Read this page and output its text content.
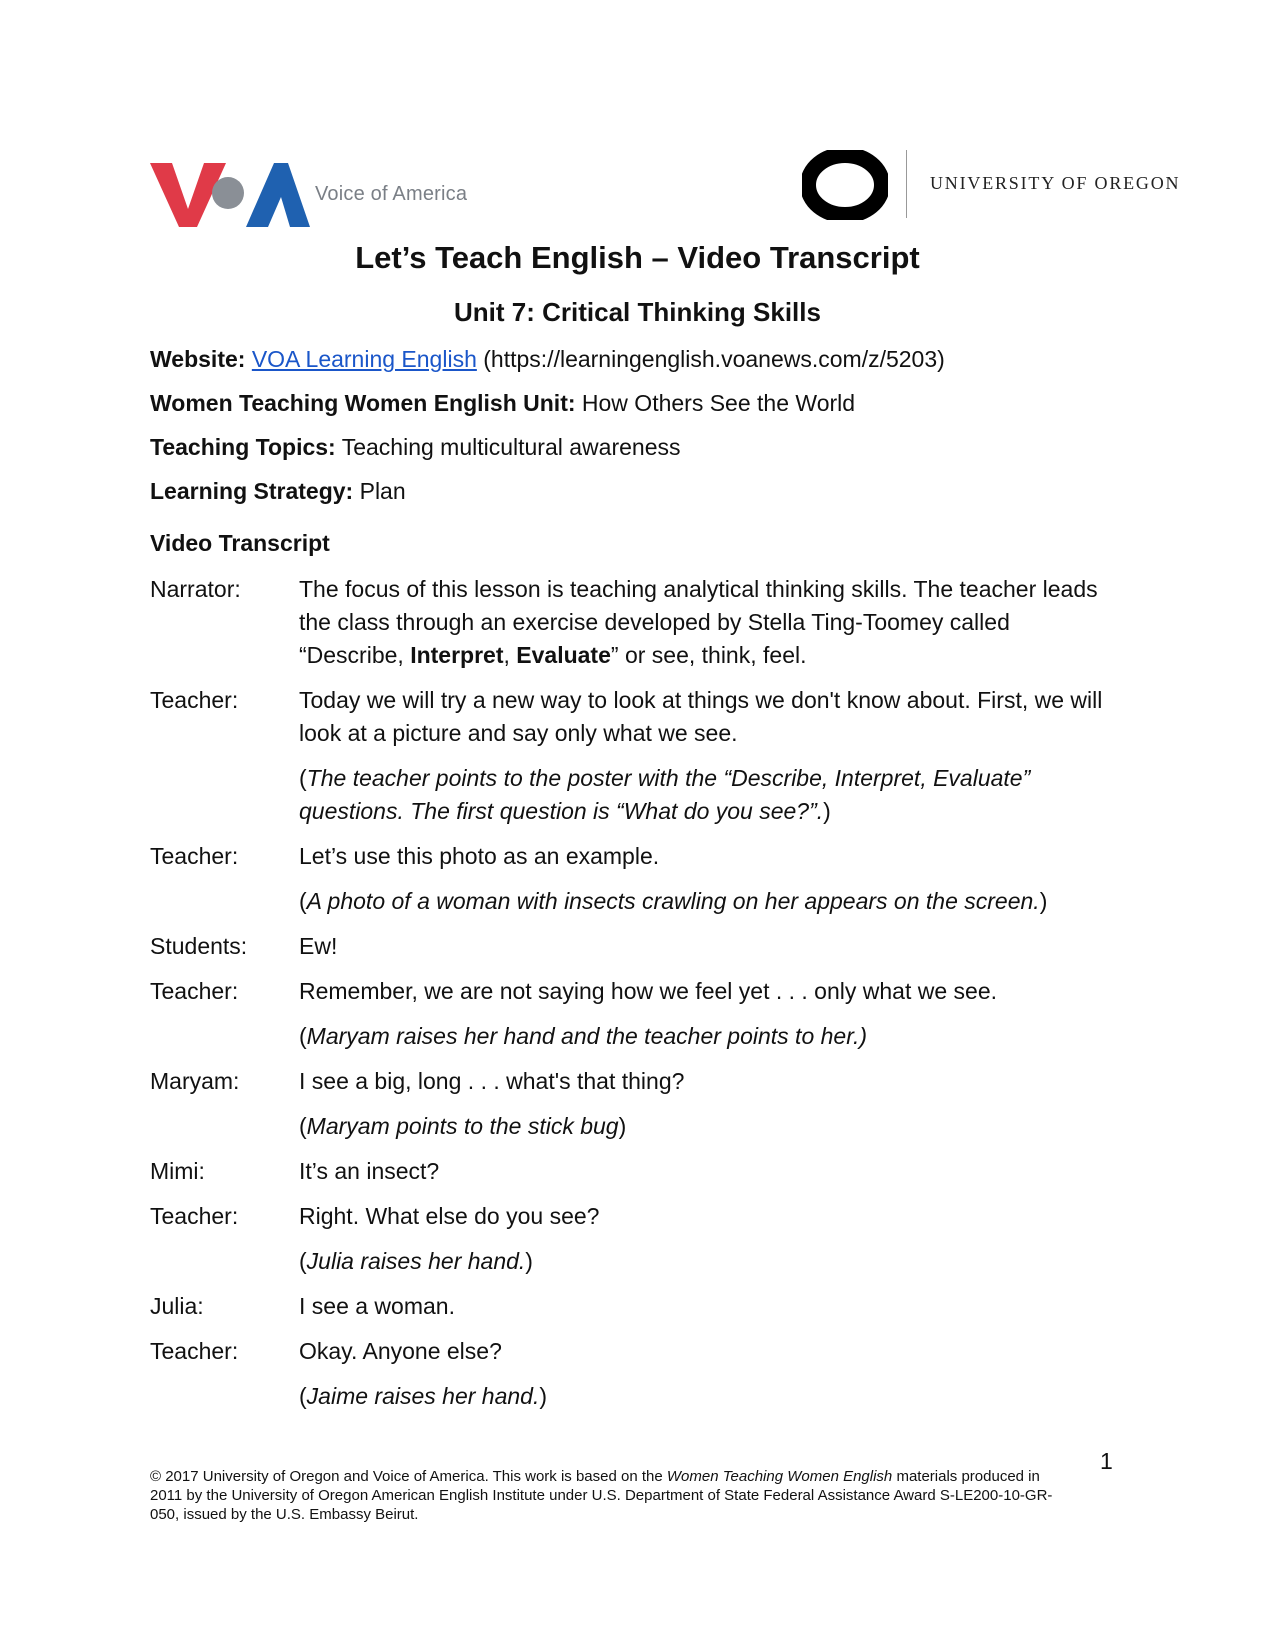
Voice of America	UNIVERSITY OF OREGON
Let’s Teach English – Video Transcript
Unit 7: Critical Thinking Skills
Website: VOA Learning English (https://learningenglish.voanews.com/z/5203)
Women Teaching Women English Unit: How Others See the World
Teaching Topics: Teaching multicultural awareness
Learning Strategy: Plan
Video Transcript
Narrator:	The focus of this lesson is teaching analytical thinking skills. The teacher leads the class through an exercise developed by Stella Ting-Toomey called “Describe, Interpret, Evaluate” or see, think, feel.
Teacher:	Today we will try a new way to look at things we don't know about. First, we will look at a picture and say only what we see.
(The teacher points to the poster with the “Describe, Interpret, Evaluate” questions. The first question is “What do you see?”.)
Teacher:	Let’s use this photo as an example.
(A photo of a woman with insects crawling on her appears on the screen.)
Students:	Ew!
Teacher:	Remember, we are not saying how we feel yet . . . only what we see.
(Maryam raises her hand and the teacher points to her.)
Maryam:	I see a big, long . . . what's that thing?
(Maryam points to the stick bug)
Mimi:	It’s an insect?
Teacher:	Right. What else do you see?
(Julia raises her hand.)
Julia:	I see a woman.
Teacher:	Okay. Anyone else?
(Jaime raises her hand.)
© 2017 University of Oregon and Voice of America. This work is based on the Women Teaching Women English materials produced in 2011 by the University of Oregon American English Institute under U.S. Department of State Federal Assistance Award S-LE200-10-GR-050, issued by the U.S. Embassy Beirut.
1
